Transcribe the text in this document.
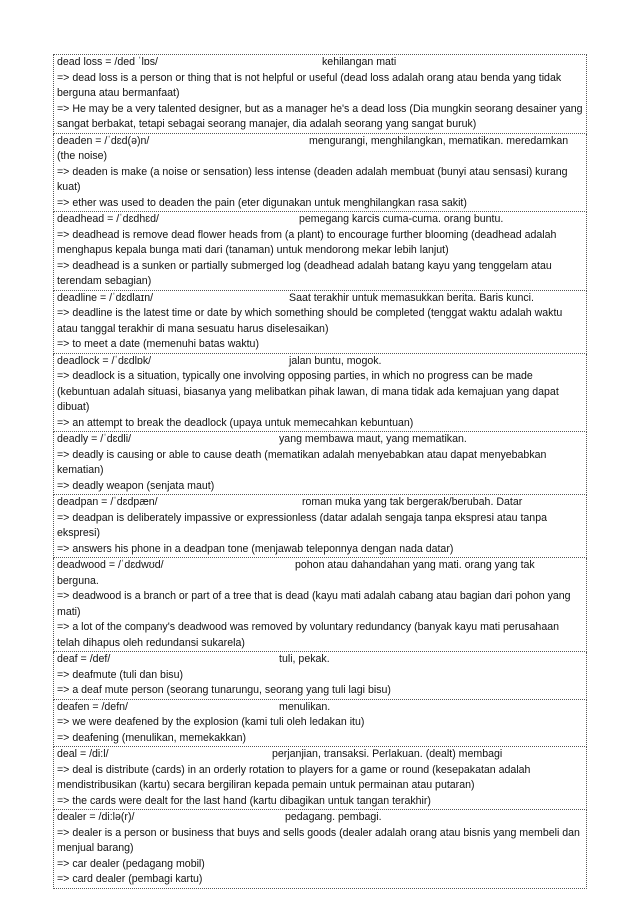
dead loss = /ded ˈlɒs/	kehilangan mati
=> dead loss is a person or thing that is not helpful or useful (dead loss adalah orang atau benda yang tidak berguna atau bermanfaat)
=> He may be a very talented designer, but as a manager he's a dead loss (Dia mungkin seorang desainer yang sangat berbakat, tetapi sebagai seorang manajer, dia adalah seorang yang sangat buruk)
deaden = /ˈdɛd(ə)n/	mengurangi, menghilangkan, mematikan. meredamkan
(the noise)
=> deaden is make (a noise or sensation) less intense (deaden adalah membuat (bunyi atau sensasi) kurang kuat)
=> ether was used to deaden the pain (eter digunakan untuk menghilangkan rasa sakit)
deadhead = /ˈdɛdhɛd/	pemegang karcis cuma-cuma. orang buntu.
=> deadhead is remove dead flower heads from (a plant) to encourage further blooming (deadhead adalah menghapus kepala bunga mati dari (tanaman) untuk mendorong mekar lebih lanjut)
=> deadhead is a sunken or partially submerged log (deadhead adalah batang kayu yang tenggelam atau terendam sebagian)
deadline = /ˈdɛdlaɪn/	Saat terakhir untuk memasukkan berita. Baris kunci.
=> deadline is the latest time or date by which something should be completed (tenggat waktu adalah waktu atau tanggal terakhir di mana sesuatu harus diselesaikan)
=> to meet a date (memenuhi batas waktu)
deadlock = /ˈdɛdlɒk/	jalan buntu, mogok.
=> deadlock is a situation, typically one involving opposing parties, in which no progress can be made (kebuntuan adalah situasi, biasanya yang melibatkan pihak lawan, di mana tidak ada kemajuan yang dapat dibuat)
=> an attempt to break the deadlock (upaya untuk memecahkan kebuntuan)
deadly = /ˈdɛdli/	yang membawa maut, yang mematikan.
=> deadly is causing or able to cause death (mematikan adalah menyebabkan atau dapat menyebabkan kematian)
=> deadly weapon (senjata maut)
deadpan = /ˈdɛdpæn/	roman muka yang tak bergerak/berubah. Datar
=> deadpan is deliberately impassive or expressionless (datar adalah sengaja tanpa ekspresi atau tanpa ekspresi)
=> answers his phone in a deadpan tone (menjawab teleponnya dengan nada datar)
deadwood = /ˈdɛdwʊd/	pohon atau dahandahan yang mati. orang yang tak
berguna.
=> deadwood is a branch or part of a tree that is dead (kayu mati adalah cabang atau bagian dari pohon yang mati)
=> a lot of the company's deadwood was removed by voluntary redundancy (banyak kayu mati perusahaan telah dihapus oleh redundansi sukarela)
deaf = /def/	tuli, pekak.
=> deafmute (tuli dan bisu)
=> a deaf mute person (seorang tunarungu, seorang yang tuli lagi bisu)
deafen = /defn/	menulikan.
=> we were deafened by the explosion (kami tuli oleh ledakan itu)
=> deafening (menulikan, memekakkan)
deal = /di:l/	perjanjian, transaksi. Perlakuan. (dealt) membagi
=> deal is distribute (cards) in an orderly rotation to players for a game or round (kesepakatan adalah mendistribusikan (kartu) secara bergiliran kepada pemain untuk permainan atau putaran)
=> the cards were dealt for the last hand (kartu dibagikan untuk tangan terakhir)
dealer = /di:lə(r)/	pedagang. pembagi.
=> dealer is a person or business that buys and sells goods (dealer adalah orang atau bisnis yang membeli dan menjual barang)
=> car dealer (pedagang mobil)
=> card dealer (pembagi kartu)
